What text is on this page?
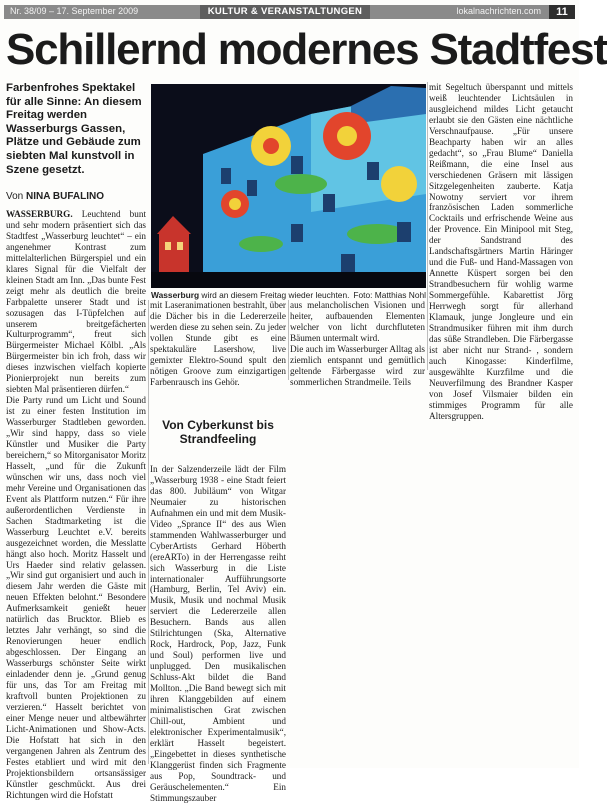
Nr. 38/09 – 17. September 2009	KULTUR & VERANSTALTUNGEN	lokalnachrichten.com	11
Schillernd modernes Stadtfest
Farbenfrohes Spektakel für alle Sinne: An diesem Freitag werden Wasserburgs Gassen, Plätze und Gebäude zum siebten Mal kunstvoll in Szene gesetzt.
Von NINA BUFALINO

WASSERBURG. Leuchtend bunt und sehr modern präsentiert sich das Stadtfest „Wasserburg leuchtet“ – ein angenehmer Kontrast zum mittelalterlichen Bürgerspiel und ein klares Signal für die Vielfalt der kleinen Stadt am Inn. „Das bunte Fest zeigt mehr als deutlich die breite Farbpalette unserer Stadt und ist sozusagen das I-Tüpfelchen auf unserem breitgefächerten Kulturprogramm“, freut sich Bürgermeister Michael Kölbl. „Als Bürgermeister bin ich froh, dass wir dieses inzwischen vielfach kopierte Pionierprojekt nun bereits zum siebten Mal präsentieren dürfen.“

Die Party rund um Licht und Sound ist zu einer festen Institution im Wasserburger Stadtleben geworden. „Wir sind happy, dass so viele Künstler und Musiker die Party bereichern,“ so Mitorganisator Moritz Hasselt, „und für die Zukunft wünschen wir uns, dass noch viel mehr Vereine und Organisationen das Event als Plattform nutzen.“ Für ihre außerordentlichen Verdienste in Sachen Stadtmarketing ist die Wasserburg Leuchtet e.V. bereits ausgezeichnet worden, die Messlatte hängt also hoch. Moritz Hasselt und Urs Haeder sind relativ gelassen. „Wir sind gut organisiert und auch in diesem Jahr werden die Gäste mit neuen Effekten belohnt.“ Besondere Aufmerksamkeit genießt heuer natürlich das Brucktor. Blieb es letztes Jahr verhängt, so sind die Renovierungen heuer endlich abgeschlossen. Der Eingang an Wasserburgs schönster Seite wirkt einladender denn je. „Grund genug für uns, das Tor am Freitag mit kraftvoll bunten Projektionen zu verzieren.“ Hasselt berichtet von einer Menge neuer und altbewährter Licht-Animationen und Show-Acts. Die Hofstatt hat sich in den vergangenen Jahren als Zentrum des Festes etabliert und wird mit den Projektionsbildern ortsansässiger Künstler geschmückt. Aus drei Richtungen wird die Hofstatt

Wasserburg wird an diesem Freitag wieder leuchten. Foto: Matthias Nohl

mit Laseranimationen bestrahlt, über die Dächer bis in die Ledererzeile werden diese zu sehen sein. Zu jeder vollen Stunde gibt es eine spektakuläre Lasershow, live gemixter Elektro-Sound spult den nötigen Groove zum einzigartigen Farbenrausch ins Gehör.

aus melancholischen Visionen und heiter, aufbauenden Elementen welcher von licht durchfluteten Bäumen untermalt wird.

Die auch im Wasserburger Alltag als ziemlich entspannt und gemütlich geltende Färbergasse wird zur sommerlichen Strandmeile. Teils

mit Segeltuch überspannt und mittels weiß leuchtender Lichtsäulen in ausgleichend mildes Licht getaucht erlaubt sie den Gästen eine nächtliche Verschnaufpause. „Für unsere Beachparty haben wir an alles gedacht“, so „Frau Blume“ Daniella Reißmann, die eine Insel aus verschiedenen Gräsern mit lässigen Sitzgelegenheiten zauberte. Katja Nowotny serviert vor ihrem französischen Laden sommerliche Cocktails und erfrischende Weine aus der Provence. Ein Minipool mit Steg, der Sandstrand des Landschaftsgärtners Martin Häringer und die Fuß- und Hand-Massagen von Annette Küspert sorgen bei den Strandbesuchern für wohlig warme Sommergefühle. Kabarettist Jörg Herrwegh sorgt für allerhand Klamauk, junge Jongleure und ein Strandmusiker führen mit ihm durch das süße Strandleben. Die Färbergasse ist aber nicht nur Strand- , sondern auch Kinogasse: Kinderfilme, ausgewählte Kurzfilme und die Neuverfilmung des Brandner Kasper von Josef Vilsmaier bilden ein stimmiges Programm für alle Altersgruppen.

Von Cyberkunst bis Strandfeeling

In der Salzenderzeile lädt der Film „Wasserburg 1938 - eine Stadt feiert das 800. Jubiläum“ von Witgar Neumaier zu historischen Aufnahmen ein und mit dem Musik-Video „Sprance II“ des aus Wien stammenden Wahlwasserburger und CyberArtists Gerhard Höberth (ereARTo) in der Herrengasse reiht sich Wasserburg in die Liste internationaler Aufführungsorte (Hamburg, Berlin, Tel Aviv) ein. Musik, Musik und nochmal Musik serviert die Ledererzeile allen Besuchern. Bands aus allen Stilrichtungen (Ska, Alternative Rock, Hardrock, Pop, Jazz, Funk und Soul) performen live und unplugged. Den musikalischen Schluss-Akt bildet die Band Mollton. „Die Band bewegt sich mit ihren Klanggebilden auf einem minimalistischen Grat zwischen Chill-out, Ambient und elektronischer Experimentalmusik“, erklärt Hasselt begeistert. „Eingebettet in dieses synthetische Klanggerüst finden sich Fragmente aus Pop, Soundtrack- und Geräuschelementen.“ Ein Stimmungszauber
